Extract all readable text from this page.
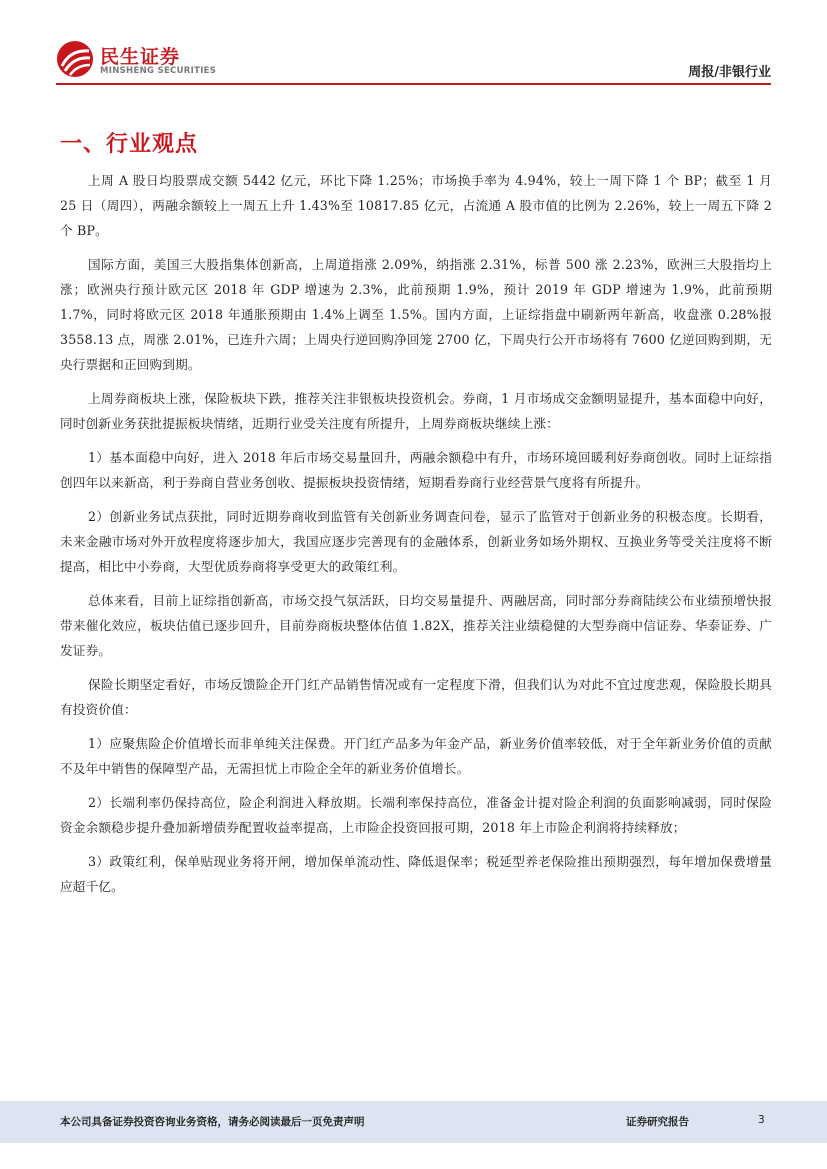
民生证券
MINSHENG SECURITIES	周报/非银行业
一、行业观点

上周 A 股日均股票成交额 5442 亿元，环比下降 1.25%；市场换手率为 4.94%，较上一周下降 1 个 BP；截至 1 月 25 日（周四），两融余额较上一周五上升 1.43%至 10817.85 亿元，占流通 A 股市值的比例为 2.26%，较上一周五下降 2 个 BP。

国际方面，美国三大股指集体创新高，上周道指涨 2.09%，纳指涨 2.31%，标普 500 涨 2.23%，欧洲三大股指均上涨；欧洲央行预计欧元区 2018 年 GDP 增速为 2.3%，此前预期 1.9%，预计 2019 年 GDP 增速为 1.9%，此前预期 1.7%，同时将欧元区 2018 年通胀预期由 1.4%上调至 1.5%。国内方面，上证综指盘中刷新两年新高，收盘涨 0.28%报 3558.13 点，周涨 2.01%，已连升六周；上周央行逆回购净回笼 2700 亿，下周央行公开市场将有 7600 亿逆回购到期，无央行票据和正回购到期。

上周券商板块上涨，保险板块下跌，推荐关注非银板块投资机会。券商，1 月市场成交金额明显提升，基本面稳中向好，同时创新业务获批提振板块情绪，近期行业受关注度有所提升，上周券商板块继续上涨：

1）基本面稳中向好，进入 2018 年后市场交易量回升，两融余额稳中有升，市场环境回暖利好券商创收。同时上证综指创四年以来新高，利于券商自营业务创收、提振板块投资情绪，短期看券商行业经营景气度将有所提升。

2）创新业务试点获批，同时近期券商收到监管有关创新业务调查问卷，显示了监管对于创新业务的积极态度。长期看，未来金融市场对外开放程度将逐步加大，我国应逐步完善现有的金融体系，创新业务如场外期权、互换业务等受关注度将不断提高，相比中小券商，大型优质券商将享受更大的政策红利。

总体来看，目前上证综指创新高，市场交投气氛活跃，日均交易量提升、两融居高，同时部分券商陆续公布业绩预增快报带来催化效应，板块估值已逐步回升，目前券商板块整体估值 1.82X，推荐关注业绩稳健的大型券商中信证券、华泰证券、广发证券。

保险长期坚定看好，市场反馈险企开门红产品销售情况或有一定程度下滑，但我们认为对此不宜过度悲观，保险股长期具有投资价值：

1）应聚焦险企价值增长而非单纯关注保费。开门红产品多为年金产品，新业务价值率较低，对于全年新业务价值的贡献不及年中销售的保障型产品，无需担忧上市险企全年的新业务价值增长。

2）长端利率仍保持高位，险企利润进入释放期。长端利率保持高位，准备金计提对险企利润的负面影响减弱，同时保险资金余额稳步提升叠加新增债券配置收益率提高，上市险企投资回报可期，2018 年上市险企利润将持续释放；

3）政策红利，保单贴现业务将开闸，增加保单流动性、降低退保率；税延型养老保险推出预期强烈，每年增加保费增量应超千亿。

本公司具备证券投资咨询业务资格，请务必阅读最后一页免责声明	证券研究报告	3
